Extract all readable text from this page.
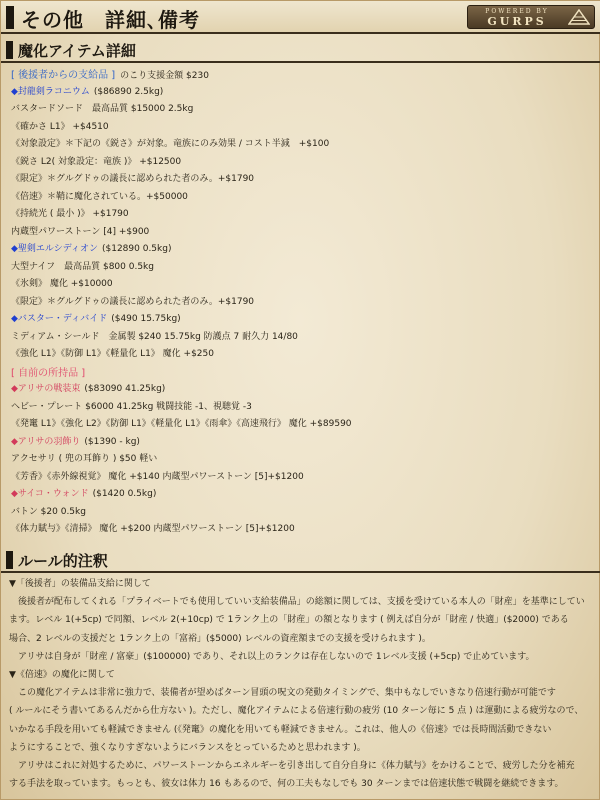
その他　詳細､備考	POWERED BY
GURPS
魔化アイテム詳細
[ 後援者からの支給品 ] のこり支援金額 $230
◆封龍剣ラコニウム ($86890 2.5kg)
バスタードソード　最高品質 $15000 2.5kg
《確かさ L1》 +$4510
《対象設定》＊下記の《鋭さ》が対象。竜族にのみ効果 / コスト半減　+$100
《鋭さ L2( 対象設定：竜族 )》 +$12500
《限定》＊グルグドゥの議長に認められた者のみ。+$1790
《倍速》＊鞘に魔化されている。+$50000
《持続光 ( 最小 )》 +$1790
内蔵型パワーストーン [4] +$900
◆聖剣エルシディオン ($12890 0.5kg)
大型ナイフ　最高品質 $800 0.5kg
《氷剣》 魔化 +$10000
《限定》＊グルグドゥの議長に認められた者のみ。+$1790
◆バスター・ディバイド ($490 15.75kg)
ミディアム・シールド　金属製 $240 15.75kg 防護点 7 耐久力 14/80
《強化 L1》《防御 L1》《軽量化 L1》 魔化 +$250
[ 自前の所持品 ]
◆アリサの戦装束 ($83090 41.25kg)
ヘビー・プレート $6000 41.25kg 戦闘技能 -1、視聴覚 -3
《発竃 L1》《強化 L2》《防御 L1》《軽量化 L1》《雨傘》《高速飛行》 魔化 +$89590
◆アリサの羽飾り ($1390 - kg)
アクセサリ ( 兜の耳飾り ) $50 軽い
《芳香》《赤外線視覚》 魔化 +$140 内蔵型パワーストーン [5]+$1200
◆サイコ・ウォンド ($1420 0.5kg)
バトン $20 0.5kg
《体力賦与》《清掃》 魔化 +$200 内蔵型パワーストーン [5]+$1200
ルール的注釈
▼「後援者」の装備品支給に関して
　後援者が配布してくれる「プライベートでも使用していい支給装備品」の総額に関しては、支援を受けている本人の「財産」を基準にしてい
ます。レベル 1(+5cp) で同額、レベル 2(+10cp) で 1ランク上の「財産」の額となります ( 例えば自分が「財産 / 快適」($2000) である
場合、2 レベルの支援だと 1ランク上の「富裕」($5000) レベルの資産額までの支援を受けられます )。
　アリサは自身が「財産 / 富豪」($100000) であり、それ以上のランクは存在しないので 1レベル支援 (+5cp) で止めています。
▼《倍速》の魔化に関して
　この魔化アイテムは非常に強力で、装備者が望めばターン冒頭の呪文の発動タイミングで、集中もなしでいきなり倍速行動が可能です
( ルールにそう書いてあるんだから仕方ない )。ただし、魔化アイテムによる倍速行動の疲労 (10 ターン毎に 5 点 ) は運動による疲労なので、
いかなる手段を用いても軽減できません (《発竃》の魔化を用いても軽減できません。これは、他人の《倍速》では長時間活動できない
ようにすることで、強くなりすぎないようにバランスをとっているためと思われます )。
　アリサはこれに対処するために、パワーストーンからエネルギーを引き出して自分自身に《体力賦与》をかけることで、疲労した分を補充
する手法を取っています。もっとも、彼女は体力 16 もあるので、何の工夫もなしでも 30 ターンまでは倍速状態で戦闘を継続できます。
